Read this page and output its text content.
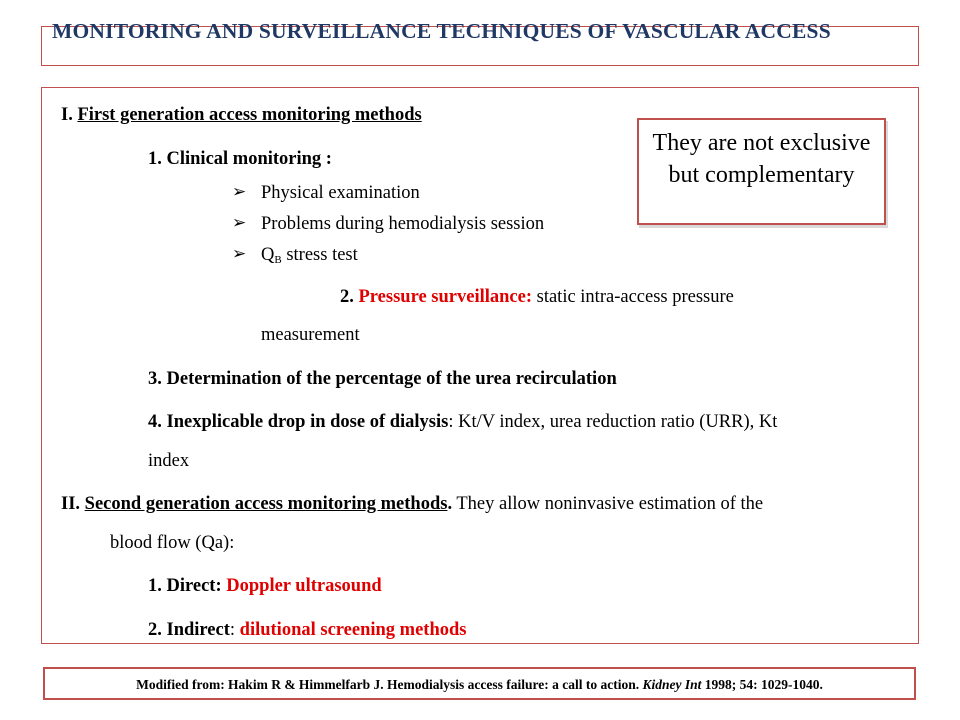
MONITORING AND SURVEILLANCE TECHNIQUES OF VASCULAR ACCESS
They are not exclusive but complementary
I. First generation access monitoring methods
1. Clinical monitoring :
➢ Physical examination
➢ Problems during hemodialysis session
➢ $Q_B$ stress test
2. Pressure surveillance: static intra-access pressure
measurement
3. Determination of the percentage of the urea recirculation
4. Inexplicable drop in dose of dialysis: Kt/V index, urea reduction ratio (URR), Kt
index
II. Second generation access monitoring methods. They allow noninvasive estimation of the
blood flow (Qa):
1. Direct: Doppler ultrasound
2. Indirect: dilutional screening methods
Modified from: Hakim R & Himmelfarb J. Hemodialysis access failure: a call to action. Kidney Int 1998; 54: 1029-1040.
